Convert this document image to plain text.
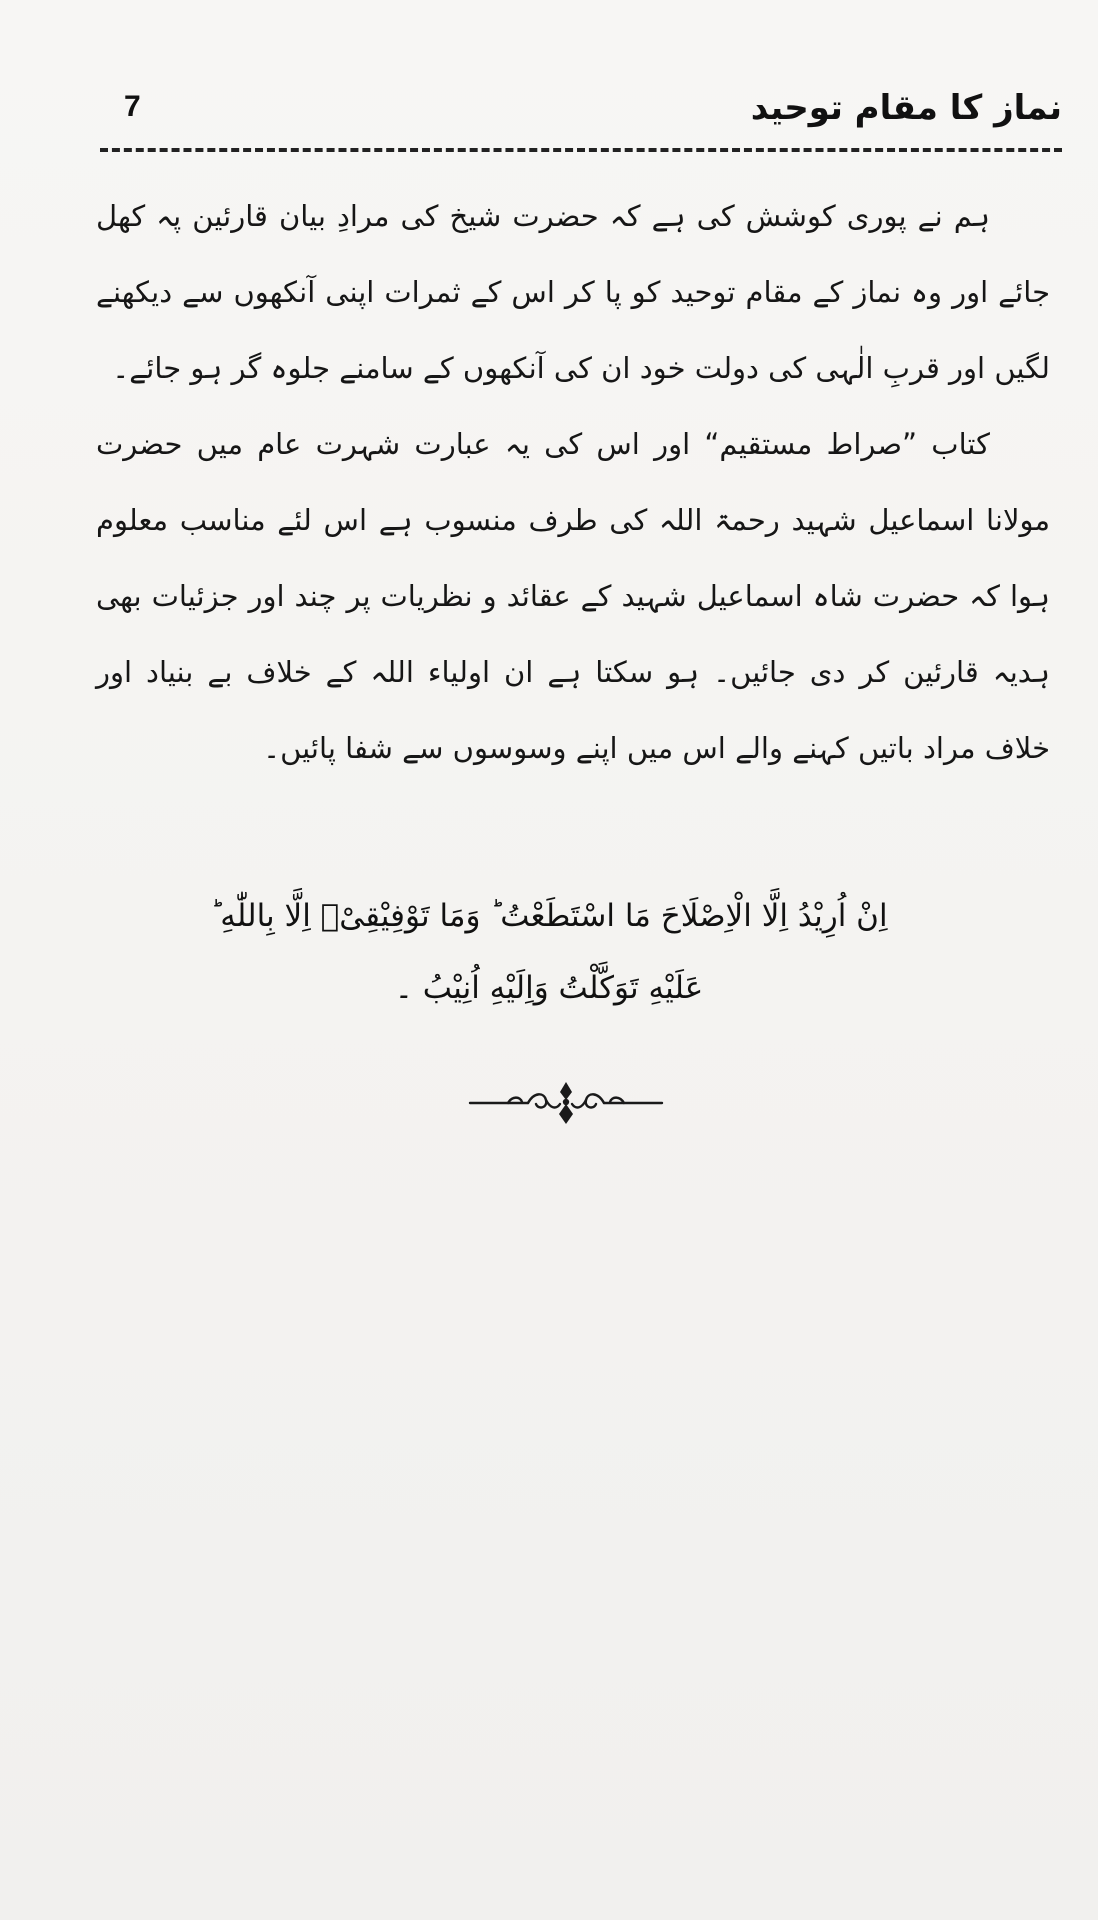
7	نماز کا مقام توحید

ہم نے پوری کوشش کی ہے کہ حضرت شیخ کی مرادِ بیان قارئین پہ کھل جائے اور وہ نماز کے مقام توحید کو پا کر اس کے ثمرات اپنی آنکھوں سے دیکھنے لگیں اور قربِ الٰہی کی دولت خود ان کی آنکھوں کے سامنے جلوہ گر ہو جائے۔

کتاب ”صراط مستقیم“ اور اس کی یہ عبارت شہرت عام میں حضرت مولانا اسماعیل شہید رحمۃ اللہ کی طرف منسوب ہے اس لئے مناسب معلوم ہوا کہ حضرت شاہ اسماعیل شہید کے عقائد و نظریات پر چند اور جزئیات بھی ہدیہ قارئین کر دی جائیں۔ ہو سکتا ہے ان اولیاء اللہ کے خلاف بے بنیاد اور خلاف مراد باتیں کہنے والے اس میں اپنے وسوسوں سے شفا پائیں۔

اِنْ اُرِیْدُ اِلَّا الْاِصْلَاحَ مَا اسْتَطَعْتُ ؕ وَمَا تَوْفِیْقِیْۤ اِلَّا بِاللّٰهِ ؕ
عَلَیْهِ تَوَكَّلْتُ وَاِلَیْهِ اُنِیْبُ ۔
